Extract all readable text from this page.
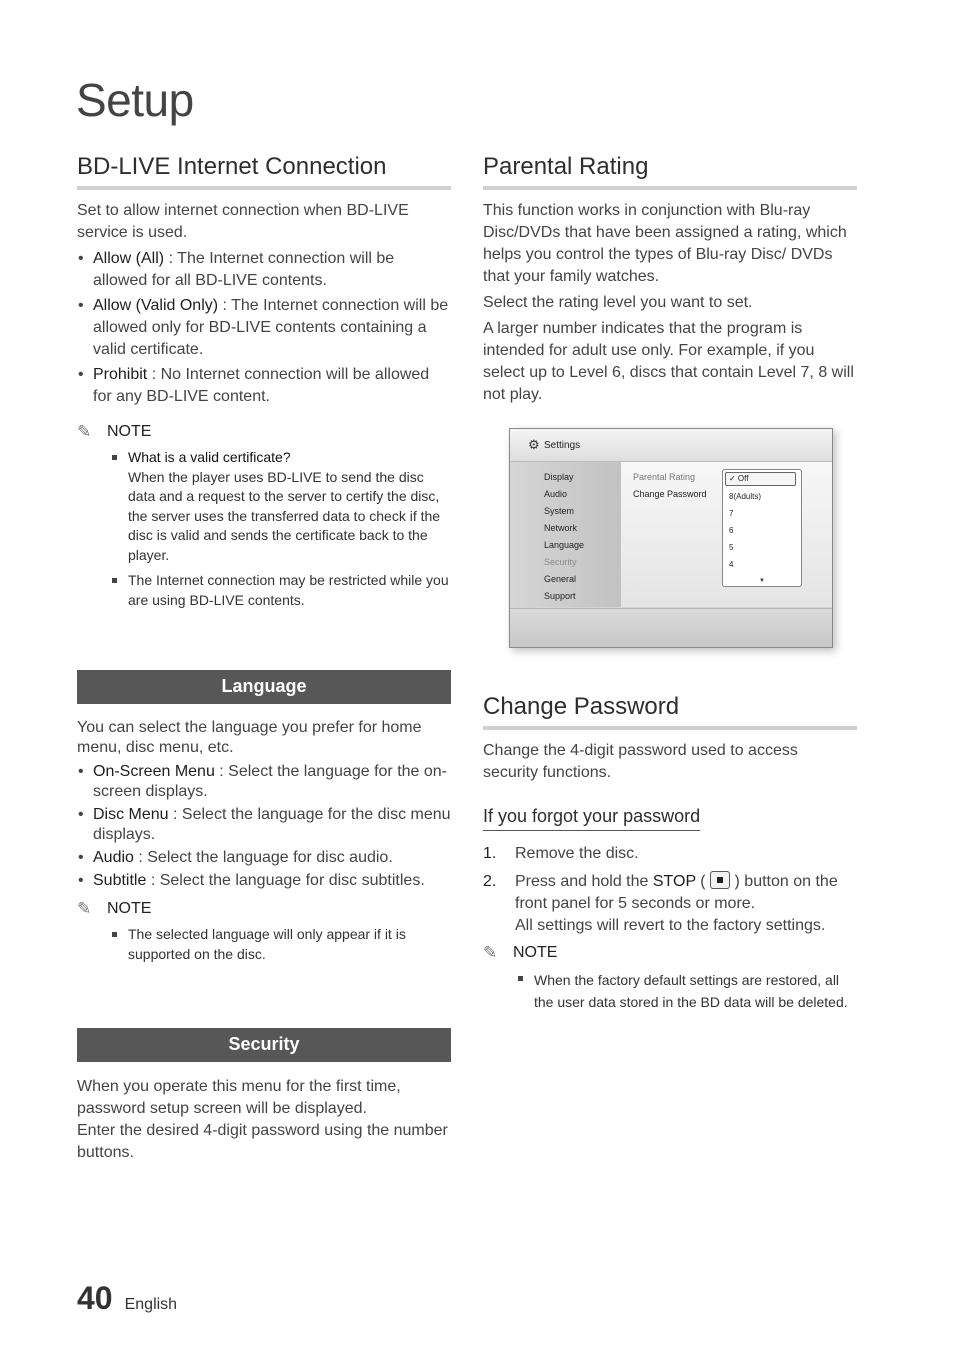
Setup
BD-LIVE Internet Connection

Set to allow internet connection when BD-LIVE service is used.

• Allow (All) : The Internet connection will be allowed for all BD-LIVE contents.
• Allow (Valid Only) : The Internet connection will be allowed only for BD-LIVE contents containing a valid certificate.
• Prohibit : No Internet connection will be allowed for any BD-LIVE content.
✎ NOTE
What is a valid certificate?
When the player uses BD-LIVE to send the disc data and a request to the server to certify the disc, the server uses the transferred data to check if the disc is valid and sends the certificate back to the player.
The Internet connection may be restricted while you are using BD-LIVE contents.
Language

You can select the language you prefer for home menu, disc menu, etc.

• On-Screen Menu : Select the language for the on-screen displays.
• Disc Menu : Select the language for the disc menu displays.
• Audio : Select the language for disc audio.
• Subtitle : Select the language for disc subtitles.
✎ NOTE
The selected language will only appear if it is supported on the disc.
Security

When you operate this menu for the first time, password setup screen will be displayed.

Enter the desired 4-digit password using the number buttons.

Parental Rating

This function works in conjunction with Blu-ray Disc/DVDs that have been assigned a rating, which helps you control the types of Blu-ray Disc/ DVDs that your family watches.

Select the rating level you want to set.

A larger number indicates that the program is intended for adult use only. For example, if you select up to Level 6, discs that contain Level 7, 8 will not play.

⚙ Settings
Display
Audio
System
Network
Language
Security
General
Support
Parental Rating
Change Password
✓ Off
8(Adults)
7
6
5
4
▼
Change Password

Change the 4-digit password used to access security functions.

If you forgot your password
1.	Remove the disc.
2.	Press and hold the STOP (  ) button on the front panel for 5 seconds or more.
All settings will revert to the factory settings.
✎ NOTE
When the factory default settings are restored, all the user data stored in the BD data will be deleted.
40 English
